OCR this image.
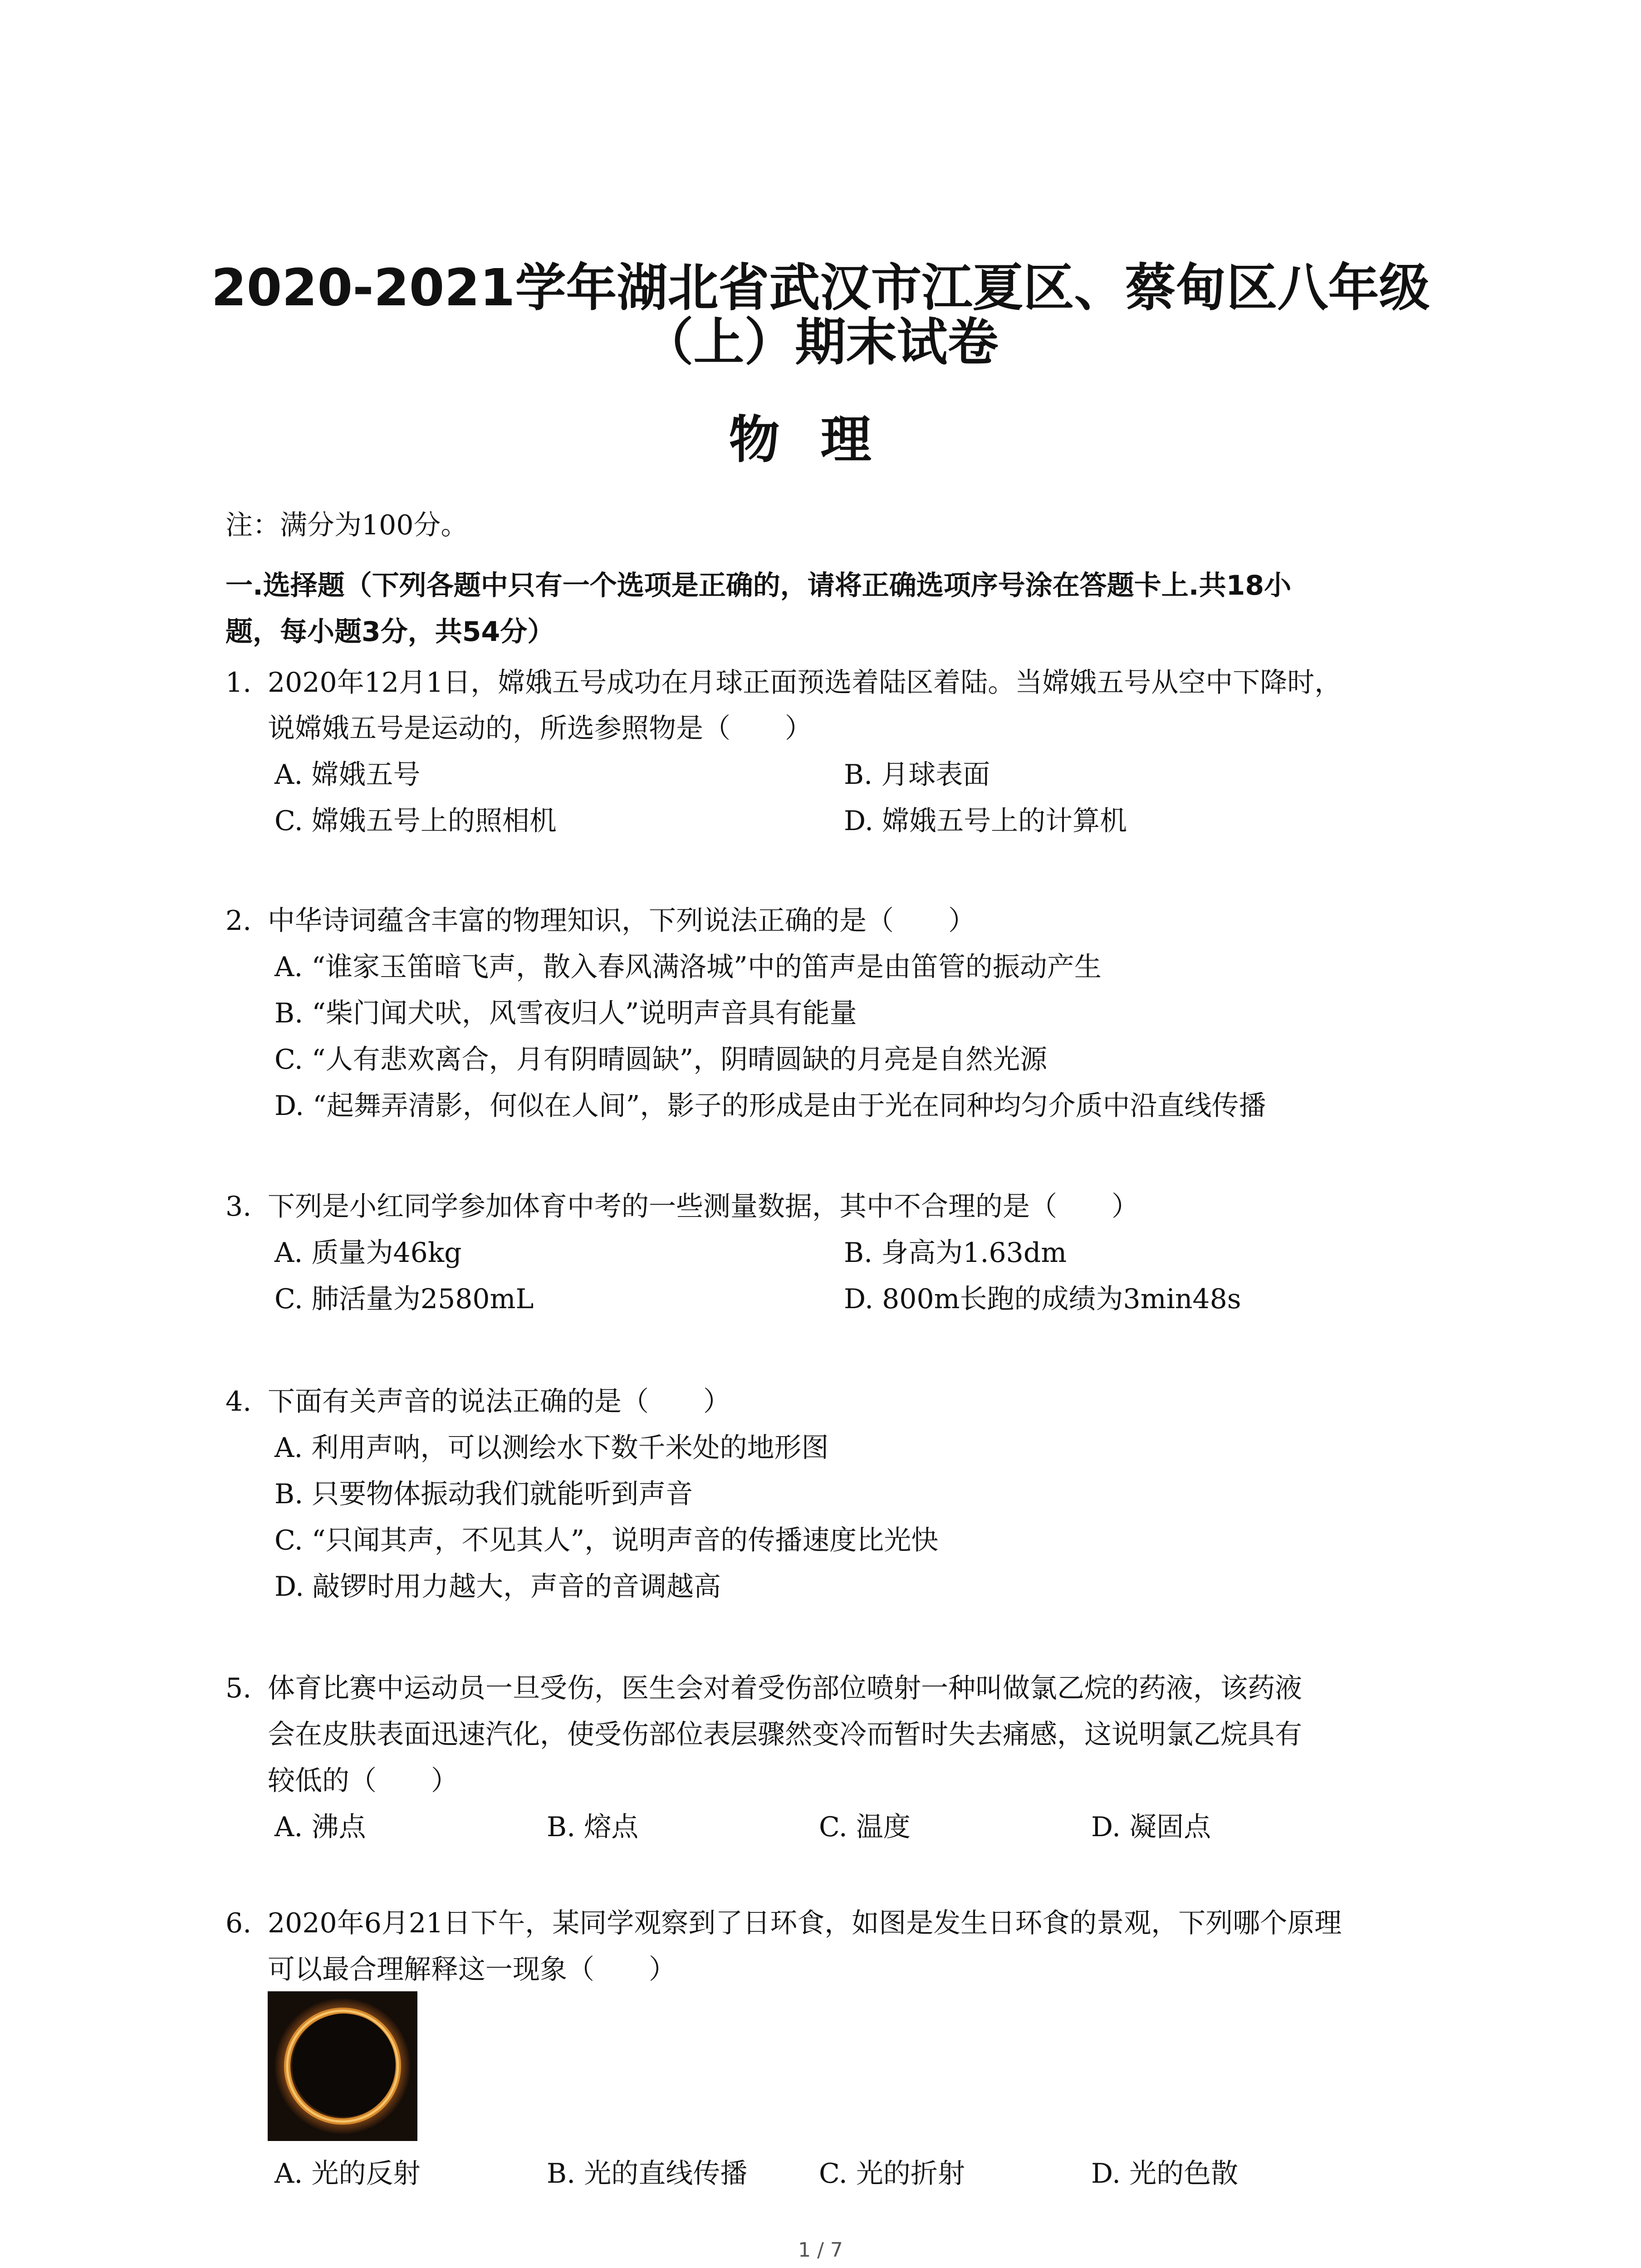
2020-2021学年湖北省武汉市江夏区、蔡甸区八年级
（上）期末试卷
物理
注：满分为100分。
一.选择题（下列各题中只有一个选项是正确的，请将正确选项序号涂在答题卡上.共18小
题，每小题3分，共54分）
1. 2020年12月1日，嫦娥五号成功在月球正面预选着陆区着陆。当嫦娥五号从空中下降时，
说嫦娥五号是运动的，所选参照物是（　　）
A. 嫦娥五号	B. 月球表面
C. 嫦娥五号上的照相机	D. 嫦娥五号上的计算机
2. 中华诗词蕴含丰富的物理知识，下列说法正确的是（　　）
A. “谁家玉笛暗飞声，散入春风满洛城”中的笛声是由笛管的振动产生
B. “柴门闻犬吠，风雪夜归人”说明声音具有能量
C. “人有悲欢离合，月有阴晴圆缺”，阴晴圆缺的月亮是自然光源
D. “起舞弄清影，何似在人间”，影子的形成是由于光在同种均匀介质中沿直线传播
3. 下列是小红同学参加体育中考的一些测量数据，其中不合理的是（　　）
A. 质量为46kg	B. 身高为1.63dm
C. 肺活量为2580mL	D. 800m长跑的成绩为3min48s
4. 下面有关声音的说法正确的是（　　）
A. 利用声呐，可以测绘水下数千米处的地形图
B. 只要物体振动我们就能听到声音
C. “只闻其声，不见其人”，说明声音的传播速度比光快
D. 敲锣时用力越大，声音的音调越高
5. 体育比赛中运动员一旦受伤，医生会对着受伤部位喷射一种叫做氯乙烷的药液，该药液
会在皮肤表面迅速汽化，使受伤部位表层骤然变冷而暂时失去痛感，这说明氯乙烷具有
较低的（　　）
A. 沸点	B. 熔点	C. 温度	D. 凝固点
6. 2020年6月21日下午，某同学观察到了日环食，如图是发生日环食的景观，下列哪个原理
可以最合理解释这一现象（　　）
A. 光的反射	B. 光的直线传播	C. 光的折射	D. 光的色散
1 / 7
